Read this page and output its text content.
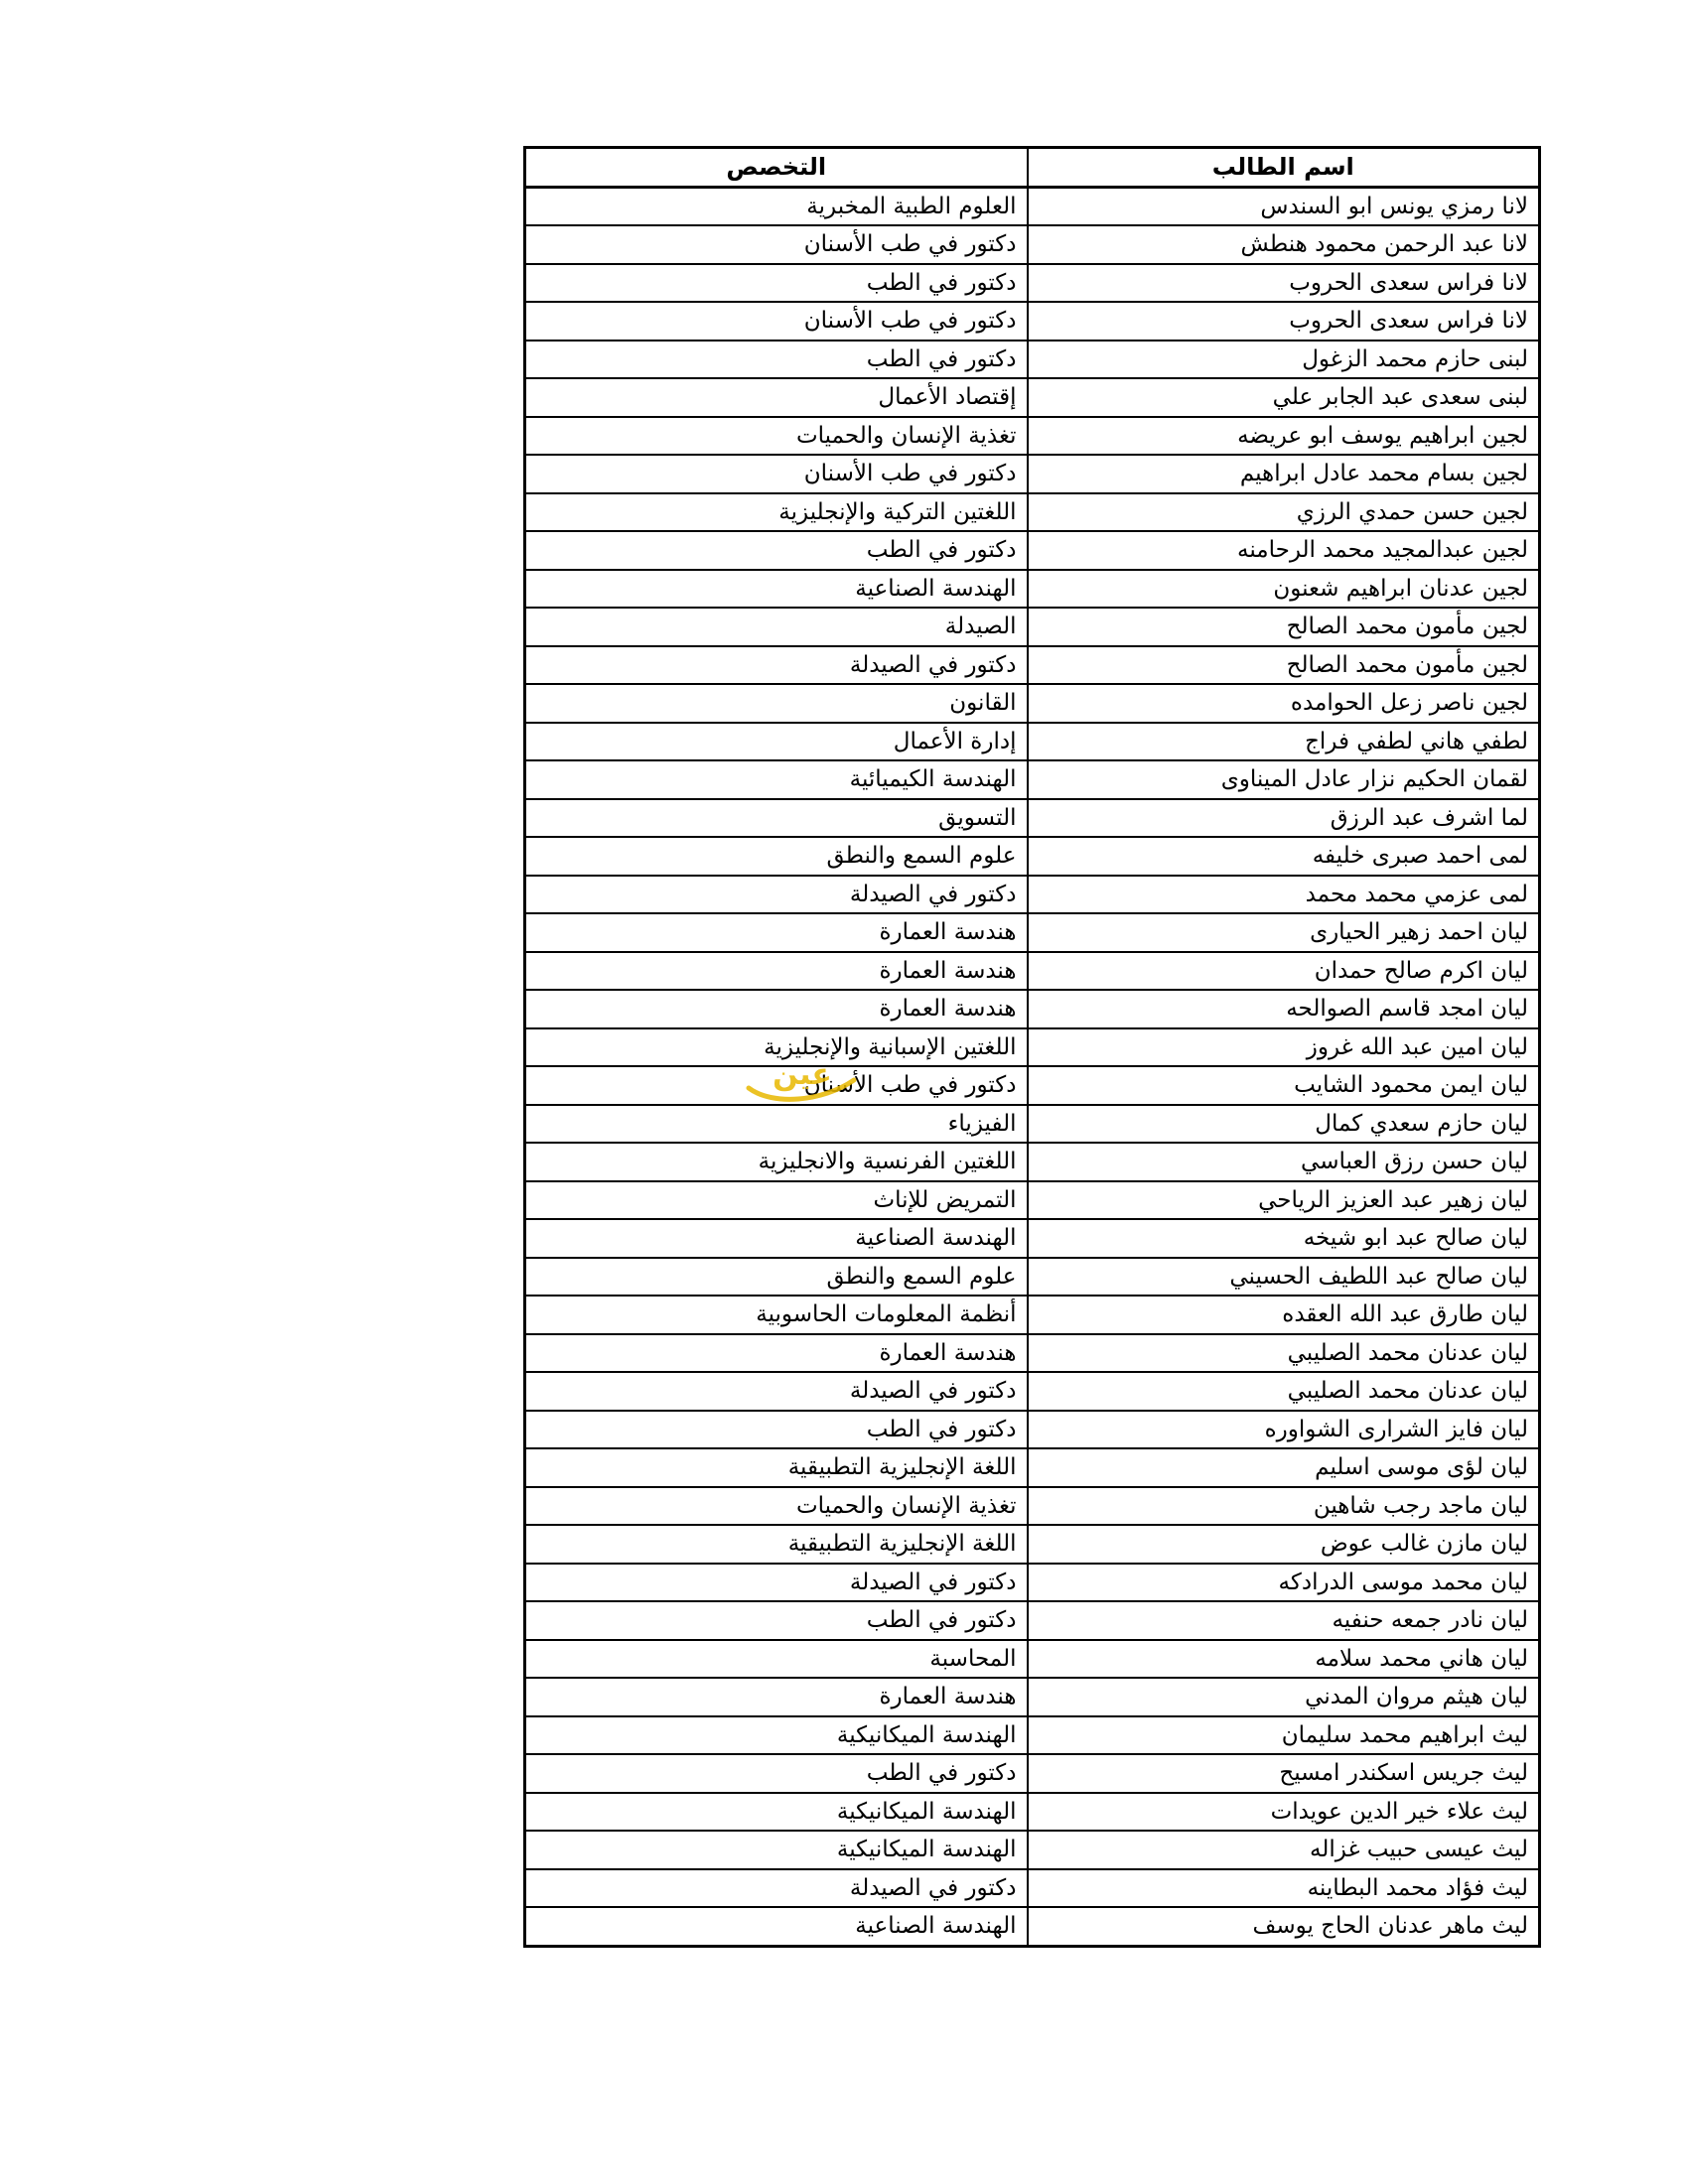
اسم الطالب	التخصص
لانا رمزي يونس ابو السندس	العلوم الطبية المخبرية
لانا عبد الرحمن محمود هنطش	دكتور في طب الأسنان
لانا فراس سعدى الحروب	دكتور في الطب
لانا فراس سعدى الحروب	دكتور في طب الأسنان
لبنى حازم محمد الزغول	دكتور في الطب
لبنى سعدى عبد الجابر علي	إقتصاد الأعمال
لجين ابراهيم يوسف ابو عريضه	تغذية الإنسان والحميات
لجين بسام محمد عادل ابراهيم	دكتور في طب الأسنان
لجين حسن حمدي الرزي	اللغتين التركية والإنجليزية
لجين عبدالمجيد محمد الرحامنه	دكتور في الطب
لجين عدنان ابراهيم شعنون	الهندسة الصناعية
لجين مأمون محمد الصالح	الصيدلة
لجين مأمون محمد الصالح	دكتور في الصيدلة
لجين ناصر زعل الحوامده	القانون
لطفي هاني لطفي فراج	إدارة الأعمال
لقمان الحكيم نزار عادل الميناوى	الهندسة الكيميائية
لما اشرف عبد الرزق	التسويق
لمى احمد صبرى خليفه	علوم السمع والنطق
لمى عزمي محمد محمد	دكتور في الصيدلة
ليان احمد زهير الحيارى	هندسة العمارة
ليان اكرم صالح حمدان	هندسة العمارة
ليان امجد قاسم الصوالحه	هندسة العمارة
ليان امين عبد الله غروز	اللغتين الإسبانية والإنجليزية
ليان ايمن محمود الشايب	دكتور في طب الأسنان
ليان حازم سعدي كمال	الفيزياء
ليان حسن رزق العباسي	اللغتين الفرنسية والانجليزية
ليان زهير عبد العزيز الرياحي	التمريض للإناث
ليان صالح عبد ابو شيخه	الهندسة الصناعية
ليان صالح عبد اللطيف الحسيني	علوم السمع والنطق
ليان طارق عبد الله العقده	أنظمة المعلومات الحاسوبية
ليان عدنان محمد الصليبي	هندسة العمارة
ليان عدنان محمد الصليبي	دكتور في الصيدلة
ليان فايز الشرارى الشواوره	دكتور في الطب
ليان لؤى موسى اسليم	اللغة الإنجليزية التطبيقية
ليان ماجد رجب شاهين	تغذية الإنسان والحميات
ليان مازن غالب عوض	اللغة الإنجليزية التطبيقية
ليان محمد موسى الدرادكه	دكتور في الصيدلة
ليان نادر جمعه حنفيه	دكتور في الطب
ليان هاني محمد سلامه	المحاسبة
ليان هيثم مروان المدني	هندسة العمارة
ليث ابراهيم محمد سليمان	الهندسة الميكانيكية
ليث جريس اسكندر امسيح	دكتور في الطب
ليث علاء خير الدين عويدات	الهندسة الميكانيكية
ليث عيسى حبيب غزاله	الهندسة الميكانيكية
ليث فؤاد محمد البطاينه	دكتور في الصيدلة
ليث ماهر عدنان الحاج يوسف	الهندسة الصناعية
عين
